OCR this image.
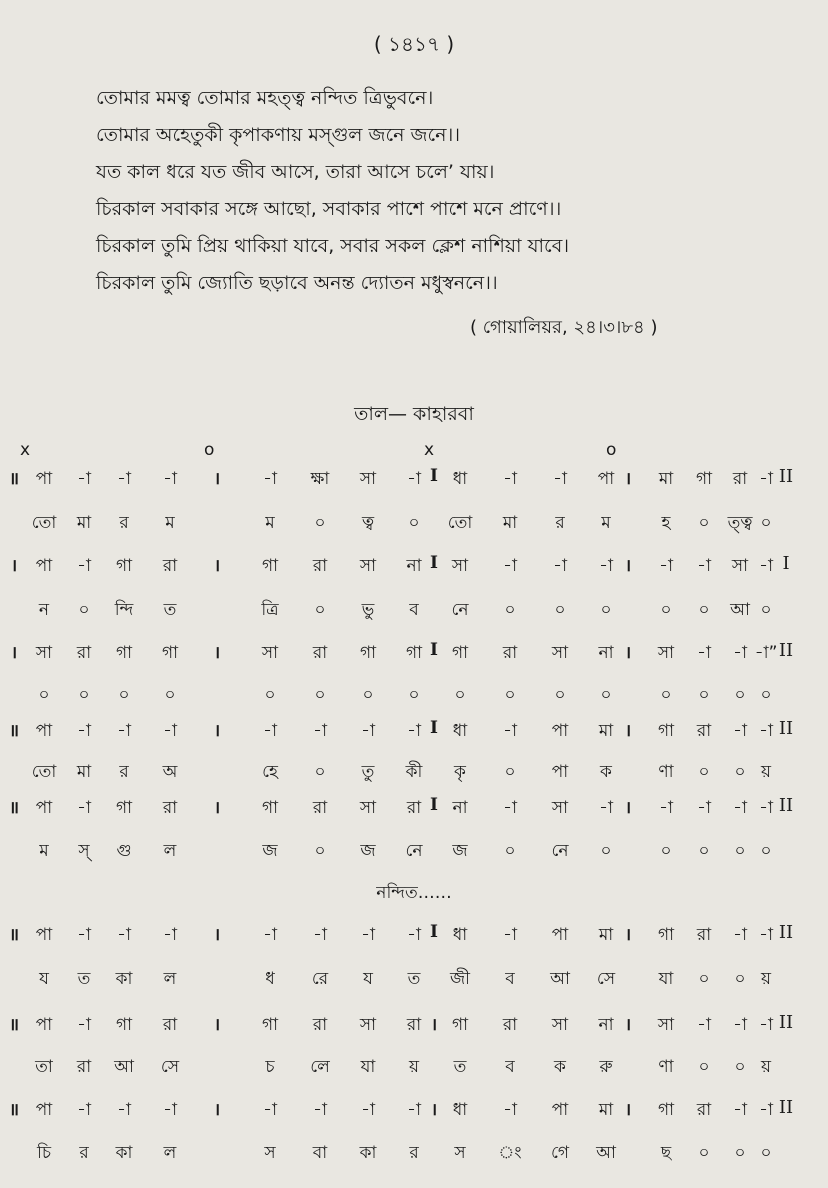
( ১৪১৭ )
তোমার মমত্ব তোমার মহত্ত্ব নন্দিত ত্রিভুবনে।
তোমার অহেতুকী কৃপাকণায় মস্‌গুল জনে জনে।।
যত কাল ধরে যত জীব আসে, তারা আসে চলে’ যায়।
চিরকাল সবাকার সঙ্গে আছো, সবাকার পাশে পাশে মনে প্রাণে।।
চিরকাল তুমি প্রিয় থাকিয়া যাবে, সবার সকল ক্লেশ নাশিয়া যাবে।
চিরকাল তুমি জ্যোতি ছড়াবে অনন্ত দ্যোতন মধুস্বননে।।
( গোয়ালিয়র, ২৪।৩।৮৪ )
তাল— কাহারবা
x	o	x	o
॥ পা -া -া -া ।	-া ক্ষা সা -া I ধা -া -া পা । মা গা রা -া II
তো মা র ম	ম ০ ত্ব ০ তো মা র ম	হ ০ ত্ত্ব ০
। পা -া গা রা । গা রা সা না I সা -া -া -া । -া -া সা -া I
ন ০ ন্দি ত	ত্রি ০ ভু ব নে ০ ০ ০	০ ০ আ ০
। সা রা গা গা । সা রা গা গা I গা রা সা না । সা -া -া -া” II
০ ০ ০ ০	০ ০ ০ ০ ০ ০ ০ ০	০ ০ ০ ০
॥ পা -া -া -া ।	-া -া -া -া I ধা -া পা মা । গা রা -া -া II
তো মা র অ	হে ০ তু কী কৃ ০ পা ক	ণা ০ ০ য়
॥ পা -া গা রা । গা রা সা রা I না -া সা -া । -া -া -া -া II
ম স্ গু ল	জ ০ জ নে জ ০ নে ০	০ ০ ০ ০
॥ পা -া -া -া ।	-া -া -া -া I ধা -া পা মা । গা রা -া -া II
য ত কা ল	ধ রে য ত জী ব আ সে	যা ০ ০ য়
॥ পা -া গা রা । গা রা সা রা । গা রা সা না । সা -া -া -া II
তা রা আ সে	চ লে যা য় ত ব ক রু	ণা ০ ০ য়
॥ পা -া -া -া ।	-া -া -া -া । ধা -া পা মা । গা রা -া -া II
চি র কা ল	স বা কা র স ং গে আ	ছ ০ ০ ০
নন্দিত……
